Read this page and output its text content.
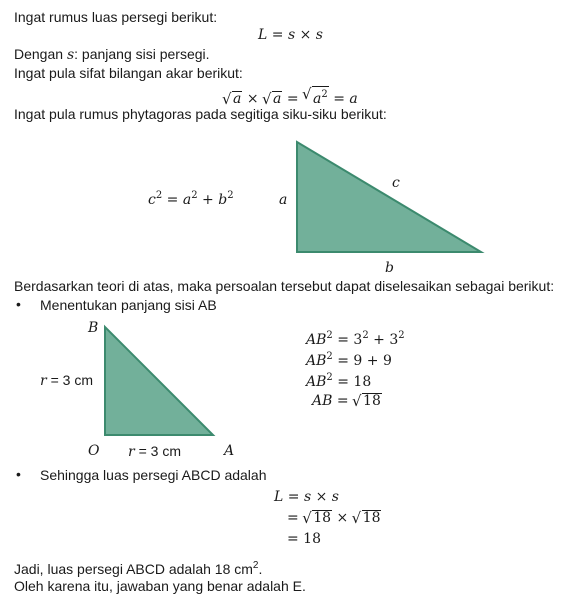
Ingat rumus luas persegi berikut:
L = s × s
Dengan s: panjang sisi persegi.
Ingat pula sifat bilangan akar berikut:
√ a × √ a = √ $a^2 = a$
Ingat pula rumus phytagoras pada segitiga siku-siku berikut:
$c^2 = a^2 + b^2$	a
b
c
Berdasarkan teori di atas, maka persoalan tersebut dapat diselesaikan sebagai berikut:
• Menentukan panjang sisi AB
B
O	A
r = 3 cm
r = 3 cm
$AB^2 = 3^2 + 3^2$
$AB^2 = 9 + 9$
$AB^2 = 18$
AB = √ 18
• Sehingga luas persegi ABCD adalah
L = s × s
= √ 18 × √ 18
= 18
Jadi, luas persegi ABCD adalah 18 $cm^2$.
Oleh karena itu, jawaban yang benar adalah E.
